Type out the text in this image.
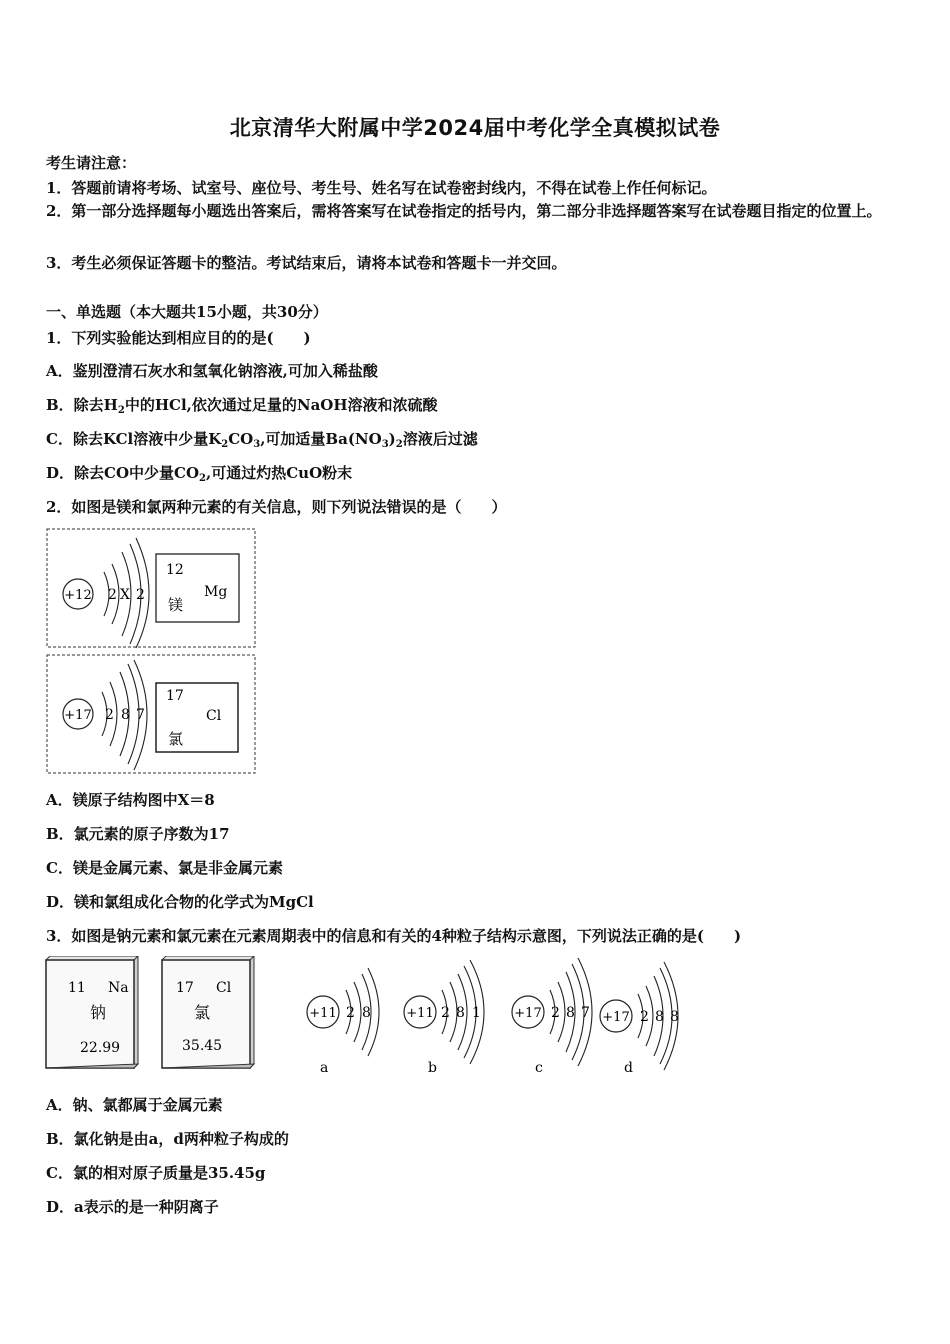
北京清华大附属中学2024届中考化学全真模拟试卷
考生请注意：
1．答题前请将考场、试室号、座位号、考生号、姓名写在试卷密封线内，不得在试卷上作任何标记。
2．第一部分选择题每小题选出答案后，需将答案写在试卷指定的括号内，第二部分非选择题答案写在试卷题目指定的位置上。
3．考生必须保证答题卡的整洁。考试结束后，请将本试卷和答题卡一并交回。
一、单选题（本大题共15小题，共30分）
1．下列实验能达到相应目的的是(　　)
A．鉴别澄清石灰水和氢氧化钠溶液,可加入稀盐酸
B．除去$H_2$中的HCl,依次通过足量的NaOH溶液和浓硫酸
C．除去KCl溶液中少量$K_2CO_3$,可加适量$Ba(NO_3)_2$溶液后过滤
D．除去CO中少量$CO_2$,可通过灼热CuO粉末
2．如图是镁和氯两种元素的有关信息，则下列说法错误的是（　　）
+12 2 X 2
12
Mg
镁
+17 2 8 7
17
Cl
氯
A．镁原子结构图中X＝8
B．氯元素的原子序数为17
C．镁是金属元素、氯是非金属元素
D．镁和氯组成化合物的化学式为MgCl
3．如图是钠元素和氯元素在元素周期表中的信息和有关的4种粒子结构示意图，下列说法正确的是(　　)
11 Na
钠
22.99
17 Cl
氯
35.45
+11 2 8
a
+11 2 8 1
b
+17 2 8 7
c
+17 2 8 8
d
A．钠、氯都属于金属元素
B．氯化钠是由a，d两种粒子构成的
C．氯的相对原子质量是35.45g
D．a表示的是一种阴离子
